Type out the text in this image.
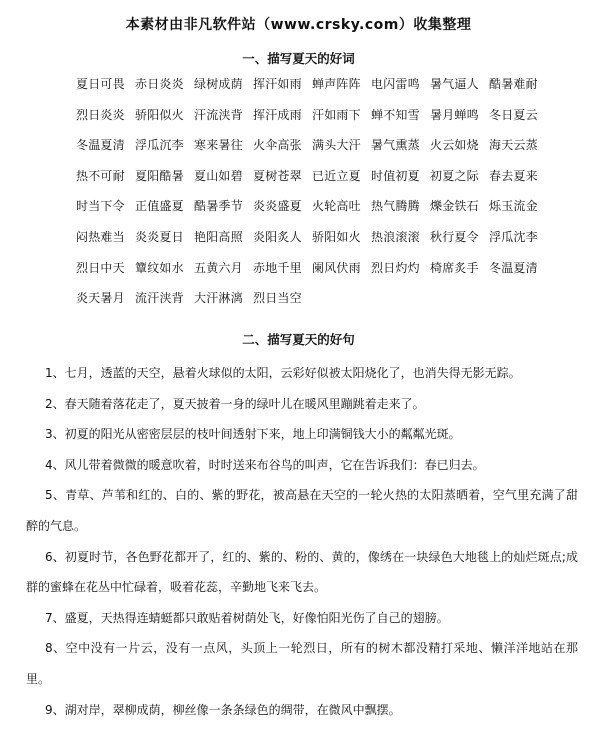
本素材由非凡软件站（www.crsky.com）收集整理
一、描写夏天的好词
夏日可畏 赤日炎炎 绿树成荫 挥汗如雨 蝉声阵阵 电闪雷鸣 暑气逼人 酷暑难耐
烈日炎炎 骄阳似火 汗流浃背 挥汗成雨 汗如雨下 蝉不知雪 暑月蝉鸣 冬日夏云
冬温夏清 浮瓜沉李 寒来暑往 火伞高张 满头大汗 暑气熏蒸 火云如烧 海天云蒸
热不可耐 夏阳酷暑 夏山如碧 夏树苍翠 已近立夏 时值初夏 初夏之际 春去夏来
时当下令 正值盛夏 酷暑季节 炎炎盛夏 火轮高吐 热气腾腾 爍金铁石 烁玉流金
闷热难当 炎炎夏日 艳阳高照 炎阳炙人 骄阳如火 热浪滚滚 秋行夏令 浮瓜沈李
烈日中天 簟纹如水 五黄六月 赤地千里 阑风伏雨 烈日灼灼 椅席炙手 冬温夏清
炎天暑月 流汗浃背 大汗淋漓 烈日当空
二、描写夏天的好句

1、七月，透蓝的天空，悬着火球似的太阳，云彩好似被太阳烧化了，也消失得无影无踪。

2、春天随着落花走了，夏天披着一身的绿叶儿在暖风里蹦跳着走来了。

3、初夏的阳光从密密层层的枝叶间透射下来，地上印满铜钱大小的粼粼光斑。

4、风儿带着微微的暖意吹着，时时送来布谷鸟的叫声，它在告诉我们：春已归去。

5、青草、芦苇和红的、白的、紫的野花，被高悬在天空的一轮火热的太阳蒸晒着，空气里充满了甜醉的气息。

6、初夏时节，各色野花都开了，红的、紫的、粉的、黄的，像绣在一块绿色大地毯上的灿烂斑点;成群的蜜蜂在花丛中忙碌着，吸着花蕊，辛勤地飞来飞去。

7、盛夏，天热得连蜻蜓都只敢贴着树荫处飞，好像怕阳光伤了自己的翅膀。

8、空中没有一片云，没有一点风，头顶上一轮烈日，所有的树木都没精打采地、懒洋洋地站在那里。

9、湖对岸，翠柳成荫，柳丝像一条条绿色的绸带，在微风中飘摆。
